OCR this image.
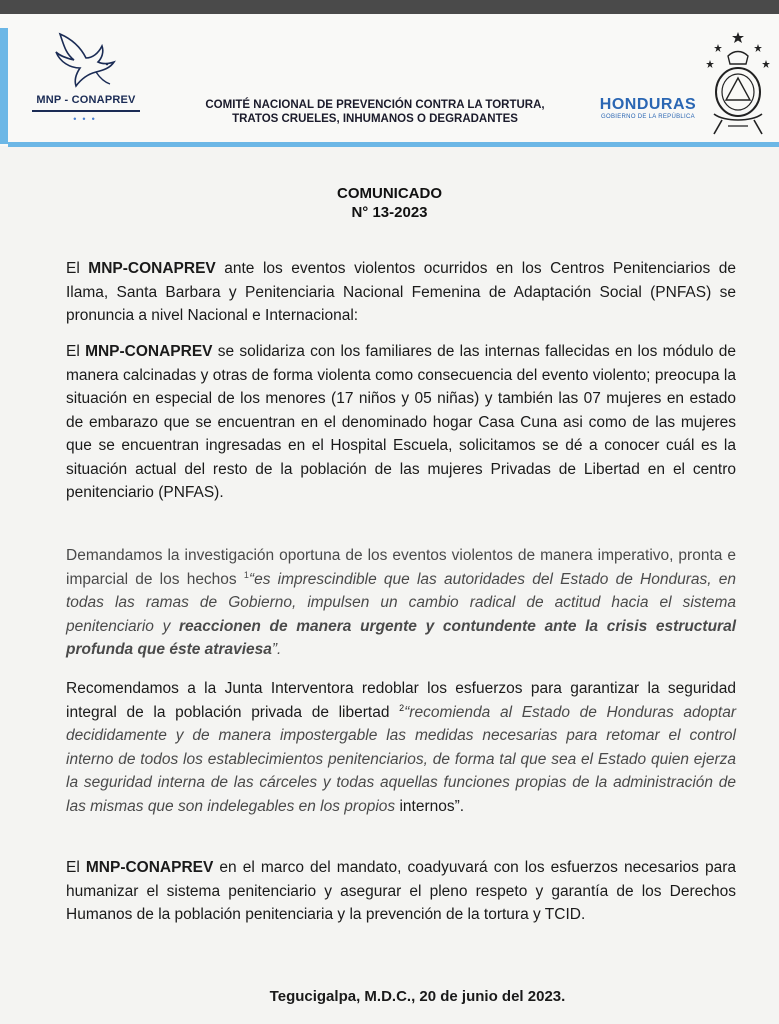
MNP - CONAPREV
•••
COMITÉ NACIONAL DE PREVENCIÓN CONTRA LA TORTURA,
TRATOS CRUELES, INHUMANOS O DEGRADANTES
HONDURAS
GOBIERNO DE LA REPÚBLICA
COMUNICADO
N° 13-2023

El MNP-CONAPREV ante los eventos violentos ocurridos en los Centros Penitenciarios de Ilama, Santa Barbara y Penitenciaria Nacional Femenina de Adaptación Social (PNFAS) se pronuncia a nivel Nacional e Internacional:

El MNP-CONAPREV se solidariza con los familiares de las internas fallecidas en los módulo de manera calcinadas y otras de forma violenta como consecuencia del evento violento; preocupa la situación en especial de los menores (17 niños y 05 niñas) y también las 07 mujeres en estado de embarazo que se encuentran en el denominado hogar Casa Cuna asi como de las mujeres que se encuentran ingresadas en el Hospital Escuela, solicitamos se dé a conocer cuál es la situación actual del resto de la población de las mujeres Privadas de Libertad en el centro penitenciario (PNFAS).

Demandamos la investigación oportuna de los eventos violentos de manera imperativo, pronta e imparcial de los hechos $^1$“es imprescindible que las autoridades del Estado de Honduras, en todas las ramas de Gobierno, impulsen un cambio radical de actitud hacia el sistema penitenciario y reaccionen de manera urgente y contundente ante la crisis estructural profunda que éste atraviesa”.

Recomendamos a la Junta Interventora redoblar los esfuerzos para garantizar la seguridad integral de la población privada de libertad $^2$“recomienda al Estado de Honduras adoptar decididamente y de manera impostergable las medidas necesarias para retomar el control interno de todos los establecimientos penitenciarios, de forma tal que sea el Estado quien ejerza la seguridad interna de las cárceles y todas aquellas funciones propias de la administración de las mismas que son indelegables en los propios internos”.

El MNP-CONAPREV en el marco del mandato, coadyuvará con los esfuerzos necesarios para humanizar el sistema penitenciario y asegurar el pleno respeto y garantía de los Derechos Humanos de la población penitenciaria y la prevención de la tortura y TCID.

Tegucigalpa, M.D.C., 20 de junio del 2023.
